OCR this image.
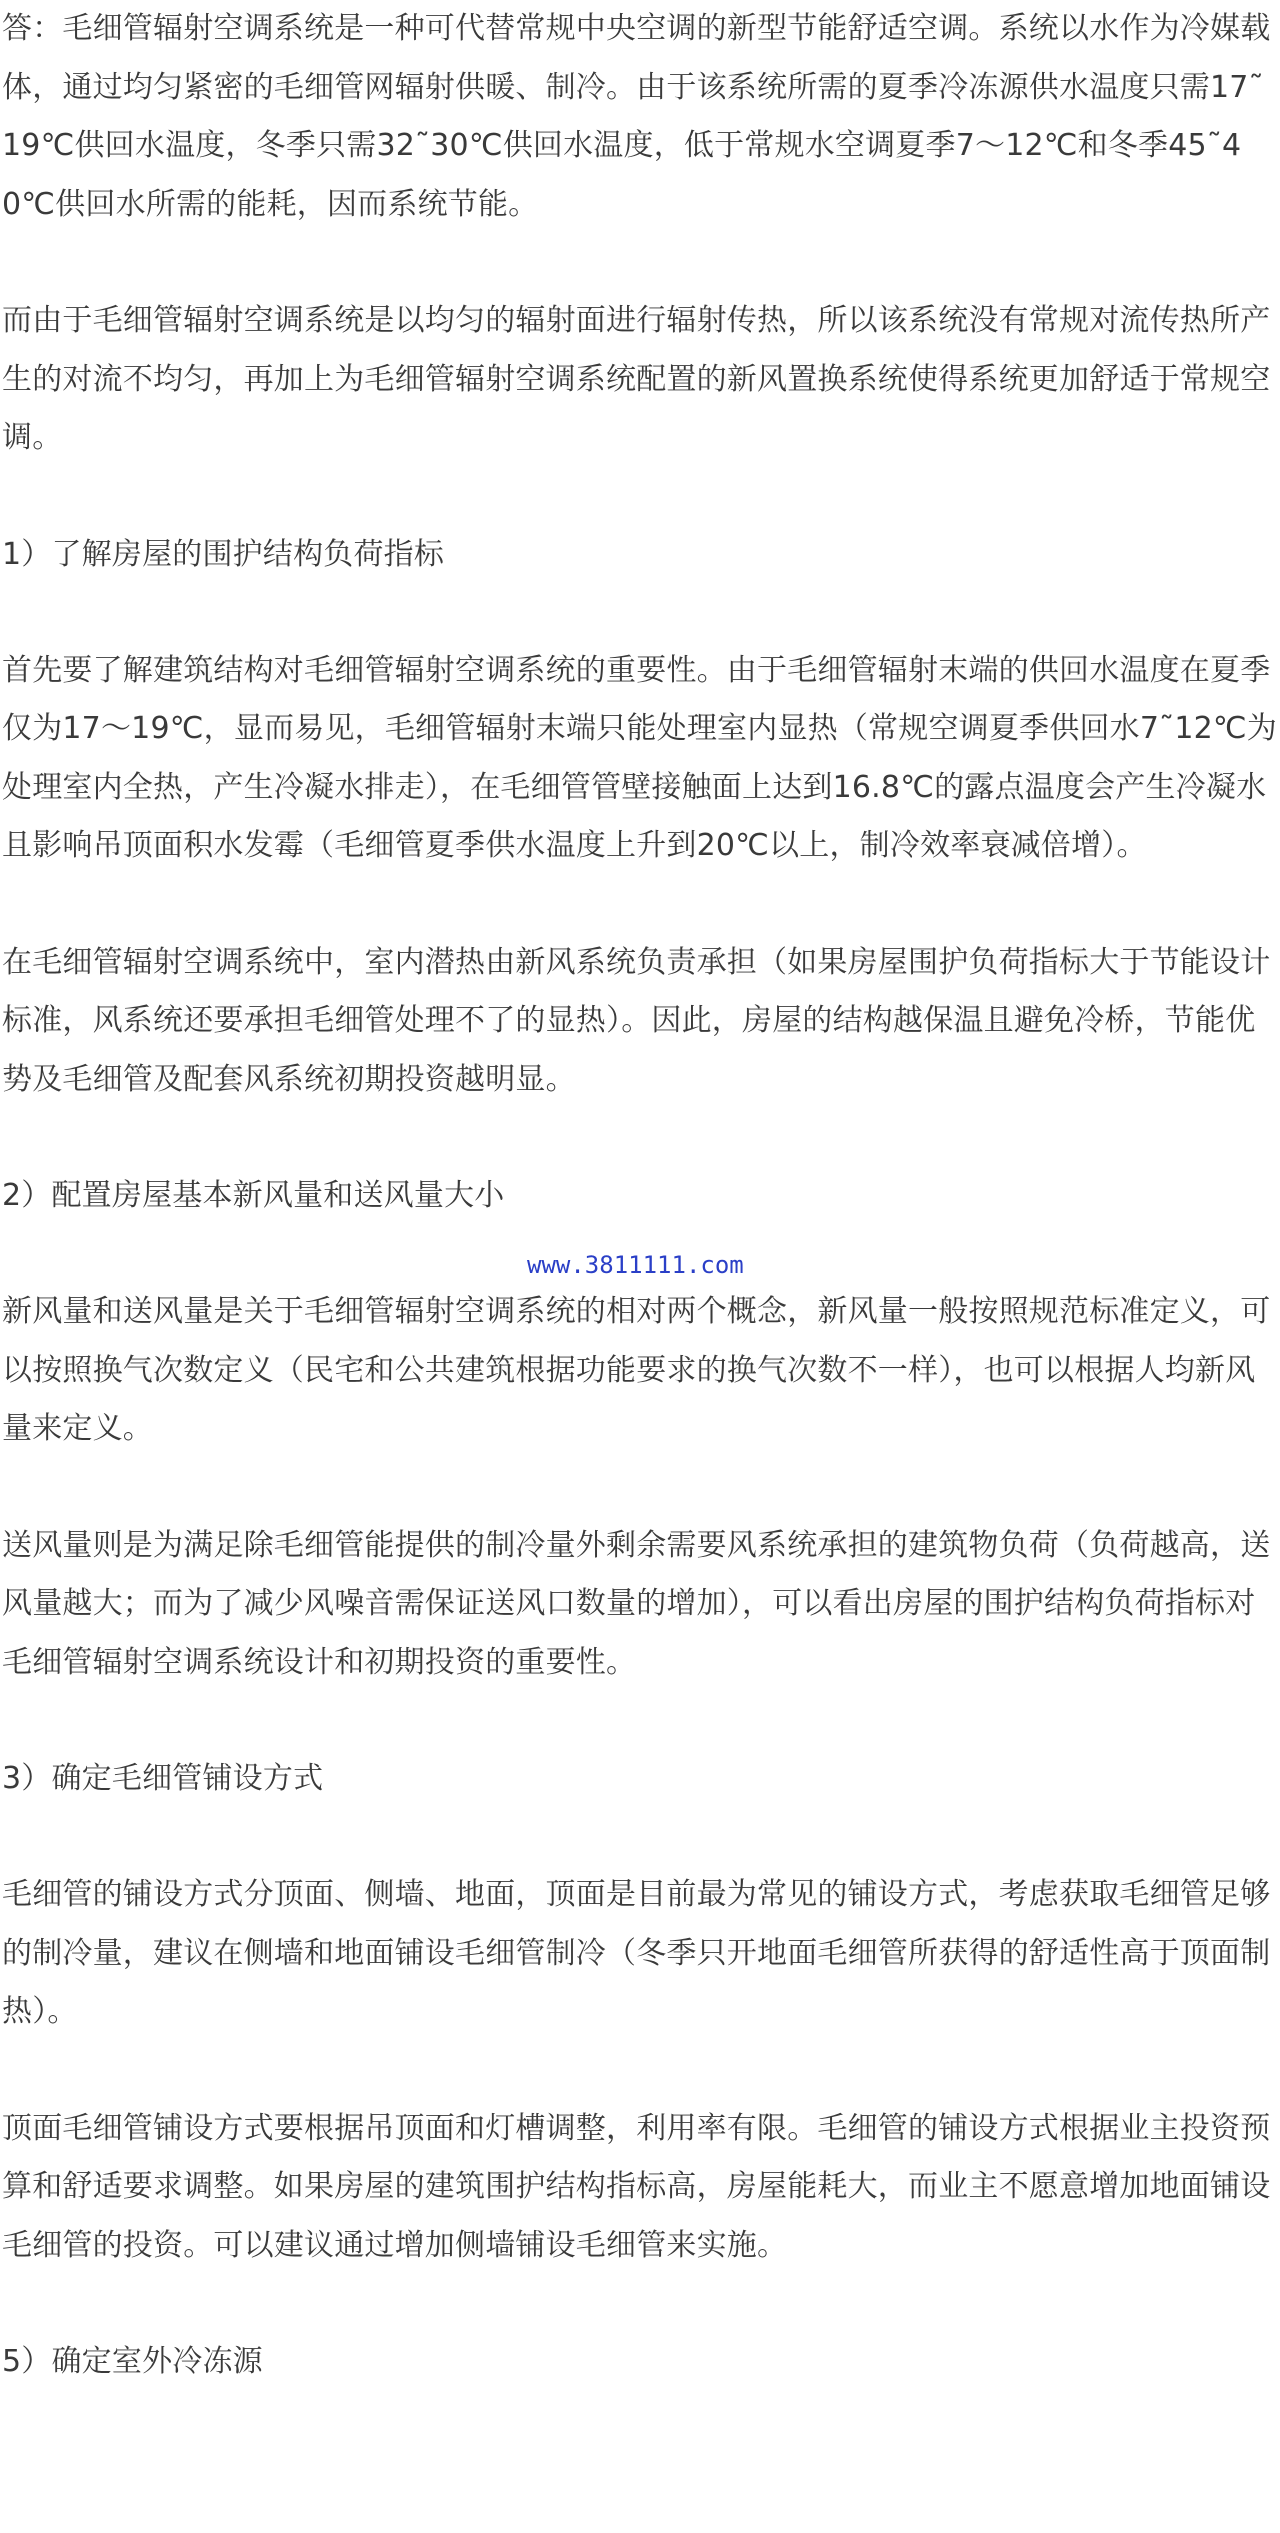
答：毛细管辐射空调系统是一种可代替常规中央空调的新型节能舒适空调。系统以水作为冷媒载体，通过均匀紧密的毛细管网辐射供暖、制冷。由于该系统所需的夏季冷冻源供水温度只需17˜19℃供回水温度，冬季只需32˜30℃供回水温度，低于常规水空调夏季7～12℃和冬季45˜40℃供回水所需的能耗，因而系统节能。

而由于毛细管辐射空调系统是以均匀的辐射面进行辐射传热，所以该系统没有常规对流传热所产生的对流不均匀，再加上为毛细管辐射空调系统配置的新风置换系统使得系统更加舒适于常规空调。

1）了解房屋的围护结构负荷指标

首先要了解建筑结构对毛细管辐射空调系统的重要性。由于毛细管辐射末端的供回水温度在夏季仅为17～19℃，显而易见，毛细管辐射末端只能处理室内显热（常规空调夏季供回水7˜12℃为处理室内全热，产生冷凝水排走），在毛细管管壁接触面上达到16.8℃的露点温度会产生冷凝水且影响吊顶面积水发霉（毛细管夏季供水温度上升到20℃以上，制冷效率衰减倍增）。

在毛细管辐射空调系统中，室内潜热由新风系统负责承担（如果房屋围护负荷指标大于节能设计标准，风系统还要承担毛细管处理不了的显热）。因此，房屋的结构越保温且避免冷桥，节能优势及毛细管及配套风系统初期投资越明显。

2）配置房屋基本新风量和送风量大小

新风量和送风量是关于毛细管辐射空调系统的相对两个概念，新风量一般按照规范标准定义，可以按照换气次数定义（民宅和公共建筑根据功能要求的换气次数不一样），也可以根据人均新风量来定义。

送风量则是为满足除毛细管能提供的制冷量外剩余需要风系统承担的建筑物负荷（负荷越高，送风量越大；而为了减少风噪音需保证送风口数量的增加），可以看出房屋的围护结构负荷指标对毛细管辐射空调系统设计和初期投资的重要性。

3）确定毛细管铺设方式

毛细管的铺设方式分顶面、侧墙、地面，顶面是目前最为常见的铺设方式，考虑获取毛细管足够的制冷量，建议在侧墙和地面铺设毛细管制冷（冬季只开地面毛细管所获得的舒适性高于顶面制热）。

顶面毛细管铺设方式要根据吊顶面和灯槽调整，利用率有限。毛细管的铺设方式根据业主投资预算和舒适要求调整。如果房屋的建筑围护结构指标高，房屋能耗大，而业主不愿意增加地面铺设毛细管的投资。可以建议通过增加侧墙铺设毛细管来实施。

5）确定室外冷冻源

www.3811111.com
